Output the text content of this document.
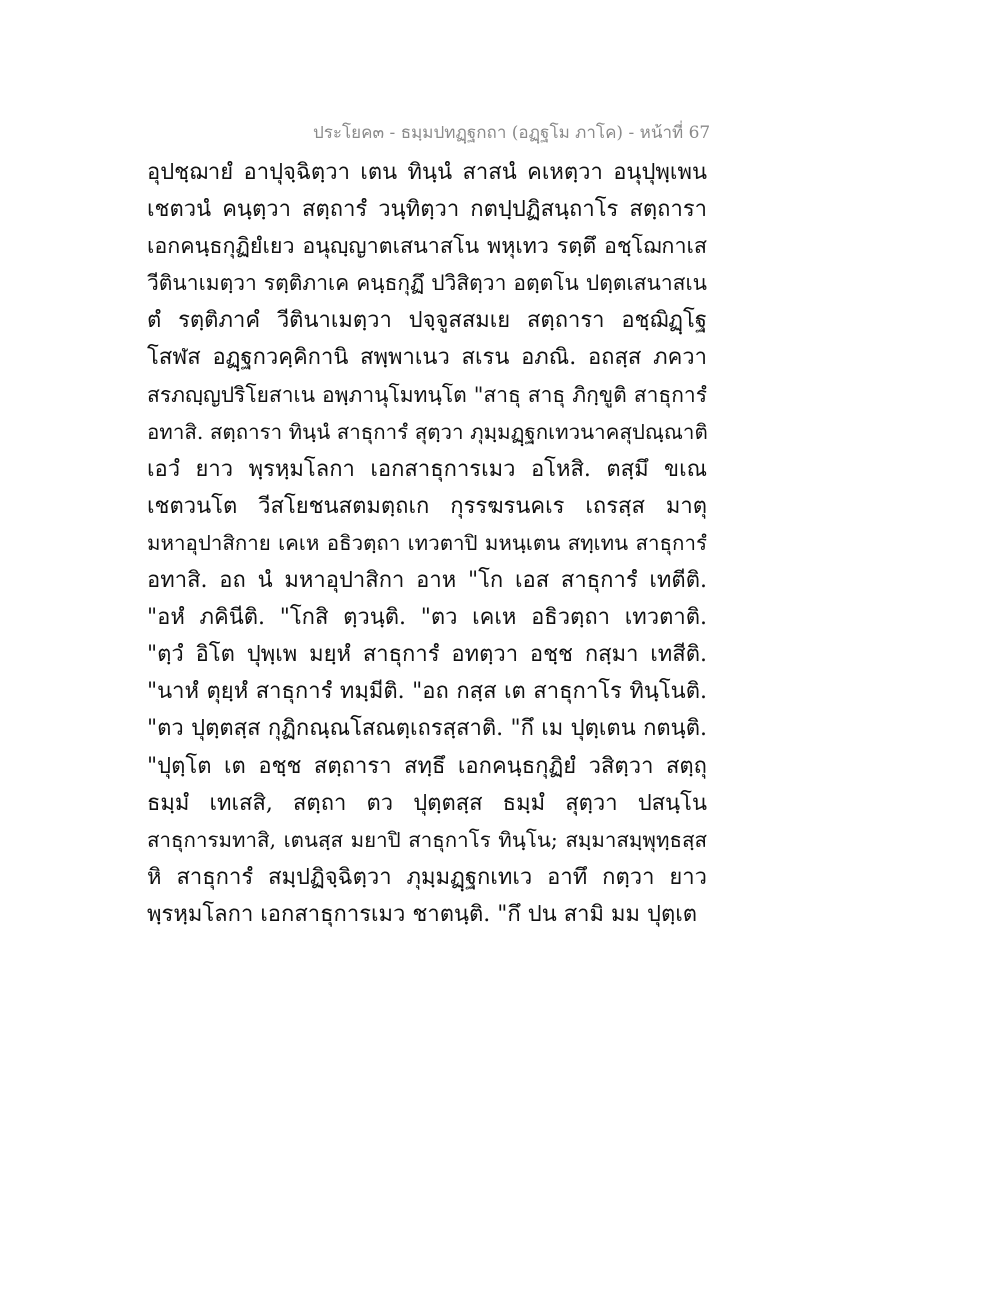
ประโยค๓ - ธมฺมปทฏฺฐกถา (อฏฺฐโม ภาโค) - หน้าที่ 67
อุปชฺฌายํ อาปุจฺฉิตฺวา เตน ทินฺนํ สาสนํ คเหตฺวา อนุปุพฺเพน
เชตวนํ คนฺตฺวา สตฺถารํ วนฺทิตฺวา กตปฺปฏิสนฺถาโร สตฺถารา
เอกคนฺธกุฏิยํเยว อนุญฺญาตเสนาสโน พหุเทว รตฺตึ อชฺโฌกาเส
วีตินาเมตฺวา รตฺติภาเค คนฺธกุฏึ ปวิสิตฺวา อตฺตโน ปตฺตเสนาสเน
ตํ รตฺติภาคํ วีตินาเมตฺวา ปจฺจูสสมเย สตฺถารา อชฺฌิฏฺโฐ
โสฬส อฏฺฐกวคฺคิกานิ สพฺพาเนว สเรน อภณิ. อถสฺส ภควา
สรภญฺญปริโยสาเน อพฺภานุโมทนฺโต "สาธุ สาธุ ภิกฺขูติ สาธุการํ
อทาสิ. สตฺถารา ทินฺนํ สาธุการํ สุตฺวา ภุมฺมฏฺฐกเทวนาคสุปณฺณาติ
เอวํ ยาว พฺรหฺมโลกา เอกสาธุการเมว อโหสิ. ตสฺมึ ขเณ
เชตวนโต วีสโยชนสตมตฺถเก กุรรฆรนคเร เถรสฺส มาตุ
มหาอุปาสิกาย เคเห อธิวตฺถา เทวตาปิ มหนฺเตน สทฺเทน สาธุการํ
อทาสิ. อถ นํ มหาอุปาสิกา อาห "โก เอส สาธุการํ เทตีติ.
"อหํ ภคินีติ. "โกสิ ตฺวนฺติ. "ตว เคเห อธิวตฺถา เทวตาติ.
"ตฺวํ อิโต ปุพฺเพ มยฺหํ สาธุการํ อทตฺวา อชฺช กสฺมา เทสีติ.
"นาหํ ตุยฺหํ สาธุการํ ทมฺมีติ. "อถ กสฺส เต สาธุกาโร ทินฺโนติ.
"ตว ปุตฺตสฺส กุฏิกณฺณโสณตฺเถรสฺสาติ. "กึ เม ปุตฺเตน กตนฺติ.
"ปุตฺโต เต อชฺช สตฺถารา สทฺธึ เอกคนฺธกุฏิยํ วสิตฺวา สตฺถุ
ธมฺมํ เทเสสิ, สตฺถา ตว ปุตฺตสฺส ธมฺมํ สุตฺวา ปสนฺโน
สาธุการมทาสิ, เตนสฺส มยาปิ สาธุกาโร ทินฺโน; สมฺมาสมฺพุทฺธสฺส
หิ สาธุการํ สมฺปฏิจฺฉิตฺวา ภุมฺมฏฺฐกเทเว อาทึ กตฺวา ยาว
พฺรหฺมโลกา เอกสาธุการเมว ชาตนฺติ. "กึ ปน สามิ มม ปุตฺเต
